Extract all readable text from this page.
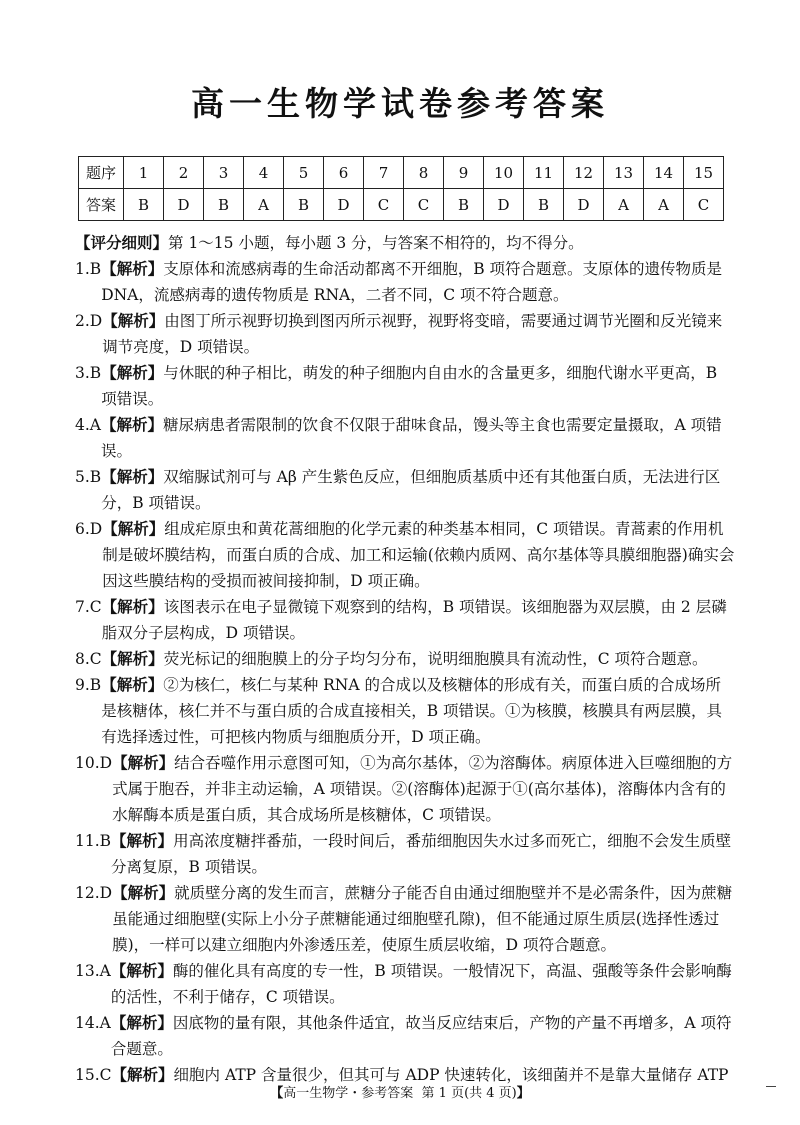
高一生物学试卷参考答案
题序	1	2	3	4	5	6	7	8	9	10	11	12	13	14	15
答案	B	D	B	A	B	D	C	C	B	D	B	D	A	A	C

【评分细则】第 1～15 小题，每小题 3 分，与答案不相符的，均不得分。

1. B 【解析】支原体和流感病毒的生命活动都离不开细胞，B 项符合题意。支原体的遗传物质是 DNA，流感病毒的遗传物质是 RNA，二者不同，C 项不符合题意。
2. D 【解析】由图丁所示视野切换到图丙所示视野，视野将变暗，需要通过调节光圈和反光镜来调节亮度，D 项错误。
3. B 【解析】与休眠的种子相比，萌发的种子细胞内自由水的含量更多，细胞代谢水平更高，B 项错误。
4. A 【解析】糖尿病患者需限制的饮食不仅限于甜味食品，馒头等主食也需要定量摄取，A 项错误。
5. B 【解析】双缩脲试剂可与 Aβ 产生紫色反应，但细胞质基质中还有其他蛋白质，无法进行区分，B 项错误。
6. D 【解析】组成疟原虫和黄花蒿细胞的化学元素的种类基本相同，C 项错误。青蒿素的作用机制是破坏膜结构，而蛋白质的合成、加工和运输(依赖内质网、高尔基体等具膜细胞器)确实会因这些膜结构的受损而被间接抑制，D 项正确。
7. C 【解析】该图表示在电子显微镜下观察到的结构，B 项错误。该细胞器为双层膜，由 2 层磷脂双分子层构成，D 项错误。
8. C 【解析】荧光标记的细胞膜上的分子均匀分布，说明细胞膜具有流动性，C 项符合题意。
9. B 【解析】②为核仁，核仁与某种 RNA 的合成以及核糖体的形成有关，而蛋白质的合成场所是核糖体，核仁并不与蛋白质的合成直接相关，B 项错误。①为核膜，核膜具有两层膜，具有选择透过性，可把核内物质与细胞质分开，D 项正确。
10. D 【解析】结合吞噬作用示意图可知，①为高尔基体，②为溶酶体。病原体进入巨噬细胞的方式属于胞吞，并非主动运输，A 项错误。②(溶酶体)起源于①(高尔基体)，溶酶体内含有的水解酶本质是蛋白质，其合成场所是核糖体，C 项错误。
11. B 【解析】用高浓度糖拌番茄，一段时间后，番茄细胞因失水过多而死亡，细胞不会发生质壁分离复原，B 项错误。
12. D 【解析】就质壁分离的发生而言，蔗糖分子能否自由通过细胞壁并不是必需条件，因为蔗糖虽能通过细胞壁(实际上小分子蔗糖能通过细胞壁孔隙)，但不能通过原生质层(选择性透过膜)，一样可以建立细胞内外渗透压差，使原生质层收缩，D 项符合题意。
13. A 【解析】酶的催化具有高度的专一性，B 项错误。一般情况下，高温、强酸等条件会影响酶的活性，不利于储存，C 项错误。
14. A 【解析】因底物的量有限，其他条件适宜，故当反应结束后，产物的产量不再增多，A 项符合题意。
15. C 【解析】细胞内 ATP 含量很少，但其可与 ADP 快速转化，该细菌并不是靠大量储存 ATP
【高一生物学・参考答案 第 1 页(共 4 页)】
